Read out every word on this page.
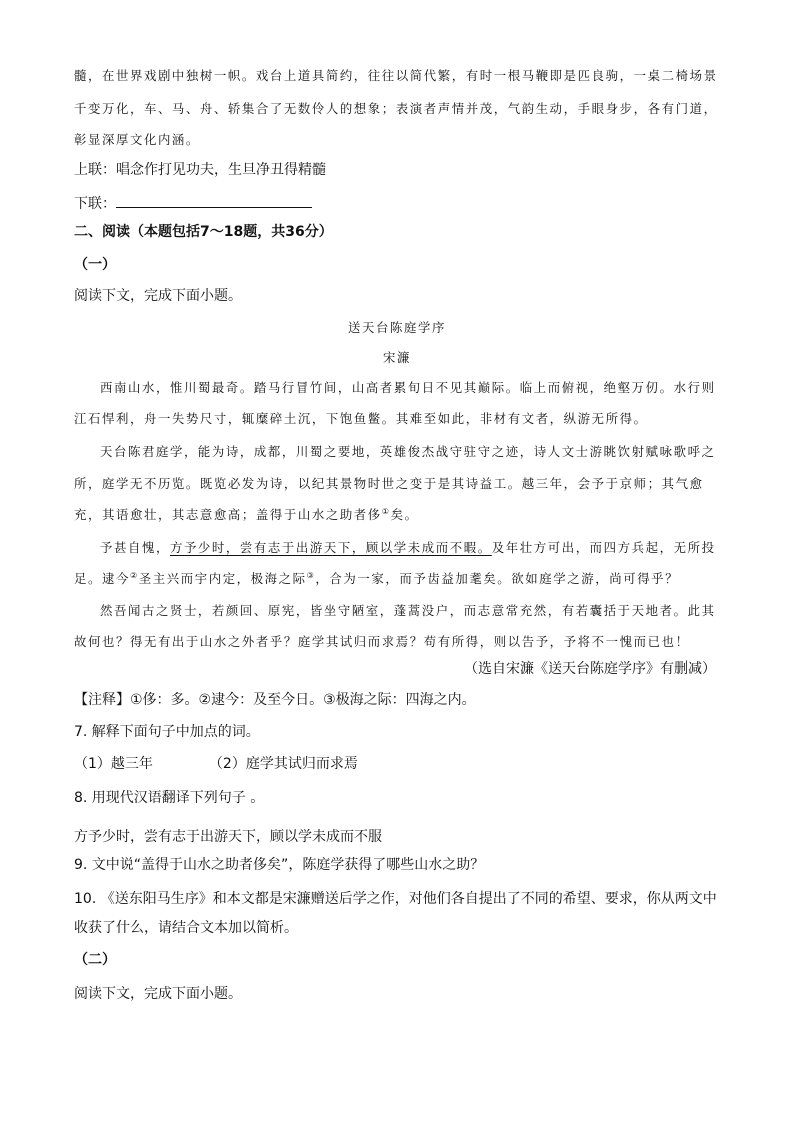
髓，在世界戏剧中独树一帜。戏台上道具简约，往往以简代繁，有时一根马鞭即是匹良驹，一桌二椅场景
千变万化，车、马、舟、轿集合了无数伶人的想象；表演者声情并茂，气韵生动，手眼身步，各有门道，
彰显深厚文化内涵。
上联：唱念作打见功夫，生旦净丑得精髓
下联：
二、阅读（本题包括7～18题，共36分）
（一）
阅读下文，完成下面小题。
送天台陈庭学序
宋濂
西南山水，惟川蜀最奇。踏马行冒竹间，山高者累旬日不见其巅际。临上而俯视，绝壑万仞。水行则
江石悍利，舟一失势尺寸，辄糜碎土沉，下饱鱼鳖。其难至如此，非材有文者，纵游无所得。
天台陈君庭学，能为诗，成都，川蜀之要地，英雄俊杰战守驻守之迹，诗人文士游眺饮射赋咏歌呼之
所，庭学无不历览。既览必发为诗，以纪其景物时世之变于是其诗益工。越三年，会予于京师；其气愈
充，其语愈壮，其志意愈高；盖得于山水之助者侈①矣。
予甚自愧，方予少时，尝有志于出游天下，顾以学未成而不暇。及年壮方可出，而四方兵起，无所投
足。逮今②圣主兴而宇内定，极海之际③，合为一家，而予齿益加耄矣。欲如庭学之游，尚可得乎？
然吾闻古之贤士，若颜回、原宪，皆坐守陋室，蓬蒿没户，而志意常充然，有若囊括于天地者。此其
故何也？得无有出于山水之外者乎？庭学其试归而求焉？苟有所得，则以告予，予将不一愧而已也！
（选自宋濂《送天台陈庭学序》有删减）
【注释】①侈：多。②逮今：及至今日。③极海之际：四海之内。
7. 解释下面句子中加点的词。
（1）越三年	（2）庭学其试归而求焉
8. 用现代汉语翻译下列句子 。
方予少时，尝有志于出游天下，顾以学未成而不服
9. 文中说“盖得于山水之助者侈矣”，陈庭学获得了哪些山水之助？
10. 《送东阳马生序》和本文都是宋濂赠送后学之作，对他们各自提出了不同的希望、要求，你从两文中
收获了什么，请结合文本加以简析。
（二）
阅读下文，完成下面小题。
